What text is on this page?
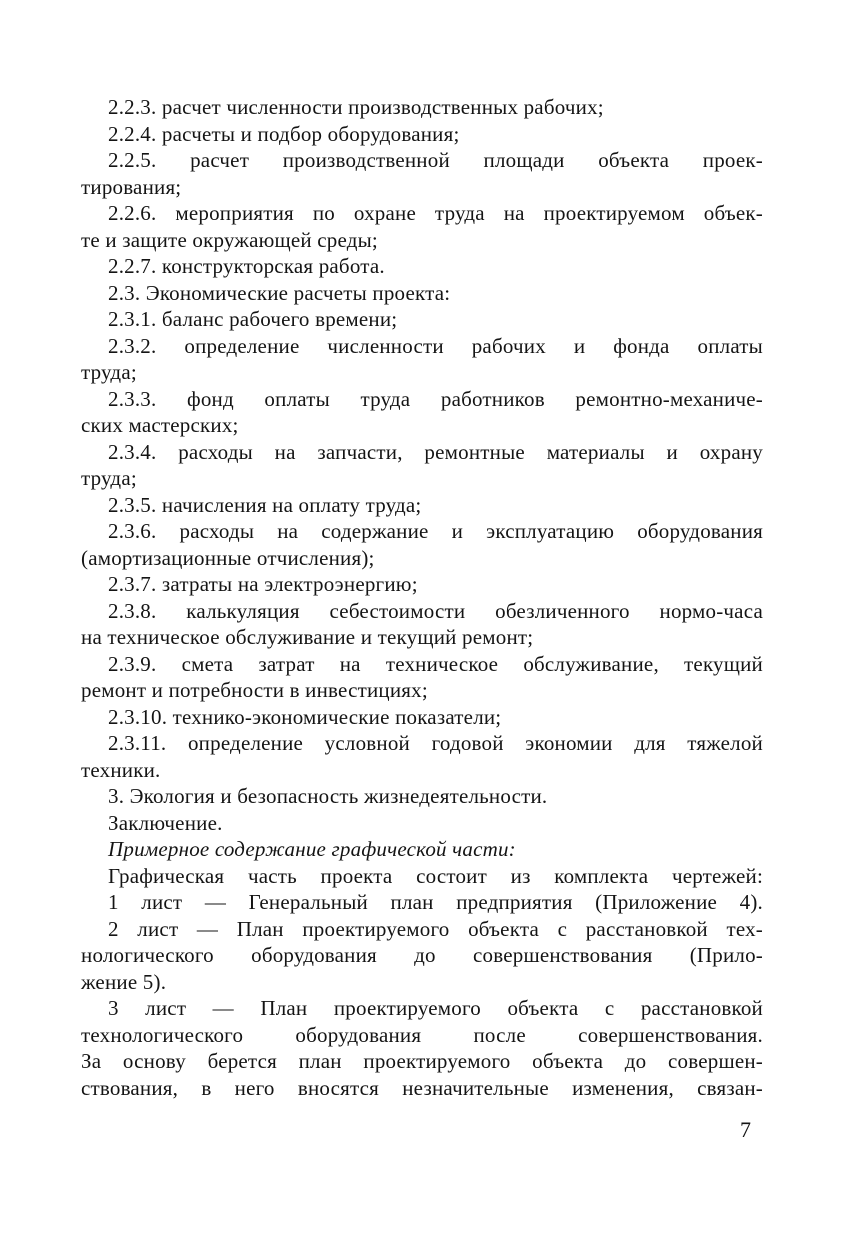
2.2.3. расчет численности производственных рабочих;
2.2.4. расчеты и подбор оборудования;
2.2.5. расчет производственной площади объекта проек-
тирования;
2.2.6. мероприятия по охране труда на проектируемом объек-
те и защите окружающей среды;
2.2.7. конструкторская работа.
2.3. Экономические расчеты проекта:
2.3.1. баланс рабочего времени;
2.3.2. определение численности рабочих и фонда оплаты
труда;
2.3.3. фонд оплаты труда работников ремонтно-механиче-
ских мастерских;
2.3.4. расходы на запчасти, ремонтные материалы и охрану
труда;
2.3.5. начисления на оплату труда;
2.3.6. расходы на содержание и эксплуатацию оборудования
(амортизационные отчисления);
2.3.7. затраты на электроэнергию;
2.3.8. калькуляция себестоимости обезличенного нормо-часа
на техническое обслуживание и текущий ремонт;
2.3.9. смета затрат на техническое обслуживание, текущий
ремонт и потребности в инвестициях;
2.3.10. технико-экономические показатели;
2.3.11. определение условной годовой экономии для тяжелой
техники.
3. Экология и безопасность жизнедеятельности.
Заключение.
Примерное содержание графической части:
Графическая часть проекта состоит из комплекта чертежей:
1 лист — Генеральный план предприятия (Приложение 4).
2 лист — План проектируемого объекта с расстановкой тех-
нологического оборудования до совершенствования (Прило-
жение 5).
3 лист — План проектируемого объекта с расстановкой
технологического оборудования после совершенствования.
За основу берется план проектируемого объекта до совершен-
ствования, в него вносятся незначительные изменения, связан-
7
